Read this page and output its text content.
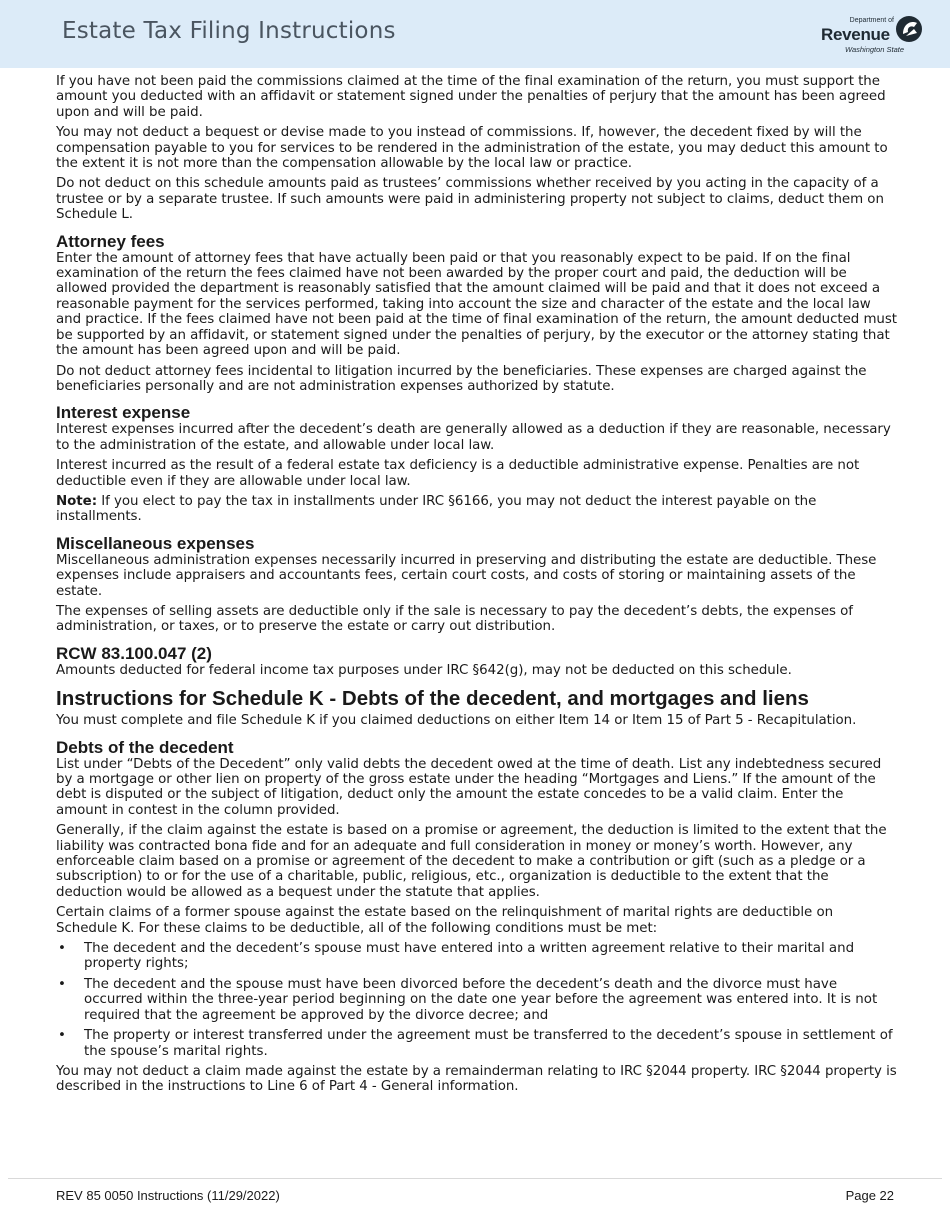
Estate Tax Filing Instructions	Department of
Revenue
Washington State

If you have not been paid the commissions claimed at the time of the final examination of the return, you must support the amount you deducted with an affidavit or statement signed under the penalties of perjury that the amount has been agreed upon and will be paid.

You may not deduct a bequest or devise made to you instead of commissions. If, however, the decedent fixed by will the compensation payable to you for services to be rendered in the administration of the estate, you may deduct this amount to the extent it is not more than the compensation allowable by the local law or practice.

Do not deduct on this schedule amounts paid as trustees’ commissions whether received by you acting in the capacity of a trustee or by a separate trustee. If such amounts were paid in administering property not subject to claims, deduct them on Schedule L.

Attorney fees

Enter the amount of attorney fees that have actually been paid or that you reasonably expect to be paid. If on the final examination of the return the fees claimed have not been awarded by the proper court and paid, the deduction will be allowed provided the department is reasonably satisfied that the amount claimed will be paid and that it does not exceed a reasonable payment for the services performed, taking into account the size and character of the estate and the local law and practice. If the fees claimed have not been paid at the time of final examination of the return, the amount deducted must be supported by an affidavit, or statement signed under the penalties of perjury, by the executor or the attorney stating that the amount has been agreed upon and will be paid.

Do not deduct attorney fees incidental to litigation incurred by the beneficiaries. These expenses are charged against the beneficiaries personally and are not administration expenses authorized by statute.

Interest expense

Interest expenses incurred after the decedent’s death are generally allowed as a deduction if they are reasonable, necessary to the administration of the estate, and allowable under local law.

Interest incurred as the result of a federal estate tax deficiency is a deductible administrative expense. Penalties are not deductible even if they are allowable under local law.

Note: If you elect to pay the tax in installments under IRC §6166, you may not deduct the interest payable on the installments.

Miscellaneous expenses

Miscellaneous administration expenses necessarily incurred in preserving and distributing the estate are deductible. These expenses include appraisers and accountants fees, certain court costs, and costs of storing or maintaining assets of the estate.

The expenses of selling assets are deductible only if the sale is necessary to pay the decedent’s debts, the expenses of administration, or taxes, or to preserve the estate or carry out distribution.

RCW 83.100.047 (2)

Amounts deducted for federal income tax purposes under IRC §642(g), may not be deducted on this schedule.

Instructions for Schedule K - Debts of the decedent, and mortgages and liens

You must complete and file Schedule K if you claimed deductions on either Item 14 or Item 15 of Part 5 - Recapitulation.

Debts of the decedent

List under “Debts of the Decedent” only valid debts the decedent owed at the time of death. List any indebtedness secured by a mortgage or other lien on property of the gross estate under the heading “Mortgages and Liens.” If the amount of the debt is disputed or the subject of litigation, deduct only the amount the estate concedes to be a valid claim. Enter the amount in contest in the column provided.

Generally, if the claim against the estate is based on a promise or agreement, the deduction is limited to the extent that the liability was contracted bona fide and for an adequate and full consideration in money or money’s worth. However, any enforceable claim based on a promise or agreement of the decedent to make a contribution or gift (such as a pledge or a subscription) to or for the use of a charitable, public, religious, etc., organization is deductible to the extent that the deduction would be allowed as a bequest under the statute that applies.

Certain claims of a former spouse against the estate based on the relinquishment of marital rights are deductible on Schedule K. For these claims to be deductible, all of the following conditions must be met:

• The decedent and the decedent’s spouse must have entered into a written agreement relative to their marital and property rights;
• The decedent and the spouse must have been divorced before the decedent’s death and the divorce must have occurred within the three-year period beginning on the date one year before the agreement was entered into. It is not required that the agreement be approved by the divorce decree; and
• The property or interest transferred under the agreement must be transferred to the decedent’s spouse in settlement of the spouse’s marital rights.

You may not deduct a claim made against the estate by a remainderman relating to IRC §2044 property. IRC §2044 property is described in the instructions to Line 6 of Part 4 - General information.

REV 85 0050 Instructions (11/29/2022)	Page 22
